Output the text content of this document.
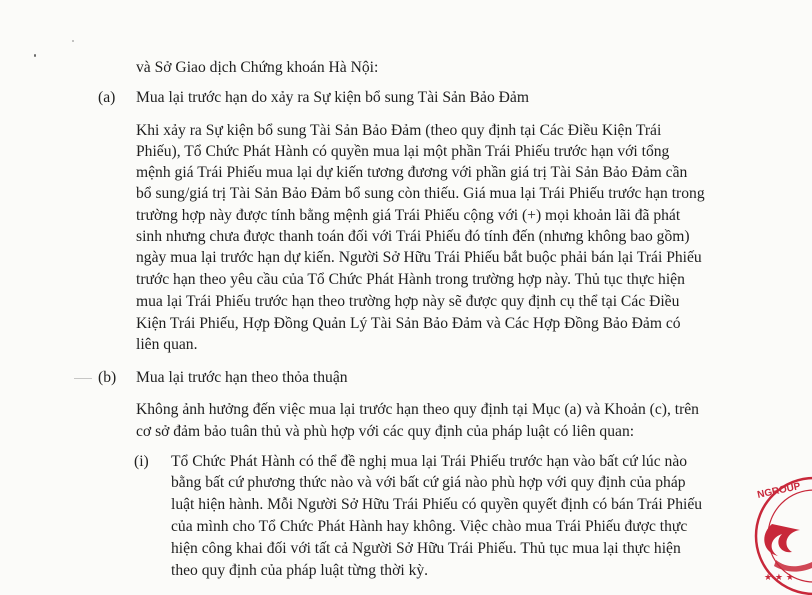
và Sở Giao dịch Chứng khoán Hà Nội:
(a) Mua lại trước hạn do xảy ra Sự kiện bổ sung Tài Sản Bảo Đảm
Khi xảy ra Sự kiện bổ sung Tài Sản Bảo Đảm (theo quy định tại Các Điều Kiện Trái
Phiếu), Tổ Chức Phát Hành có quyền mua lại một phần Trái Phiếu trước hạn với tổng
mệnh giá Trái Phiếu mua lại dự kiến tương đương với phần giá trị Tài Sản Bảo Đảm cần
bổ sung/giá trị Tài Sản Bảo Đảm bổ sung còn thiếu. Giá mua lại Trái Phiếu trước hạn trong
trường hợp này được tính bằng mệnh giá Trái Phiếu cộng với (+) mọi khoản lãi đã phát
sinh nhưng chưa được thanh toán đối với Trái Phiếu đó tính đến (nhưng không bao gồm)
ngày mua lại trước hạn dự kiến. Người Sở Hữu Trái Phiếu bắt buộc phải bán lại Trái Phiếu
trước hạn theo yêu cầu của Tổ Chức Phát Hành trong trường hợp này. Thủ tục thực hiện
mua lại Trái Phiếu trước hạn theo trường hợp này sẽ được quy định cụ thể tại Các Điều
Kiện Trái Phiếu, Hợp Đồng Quản Lý Tài Sản Bảo Đảm và Các Hợp Đồng Bảo Đảm có
liên quan.
(b) Mua lại trước hạn theo thỏa thuận
Không ảnh hưởng đến việc mua lại trước hạn theo quy định tại Mục (a) và Khoản (c), trên
cơ sở đảm bảo tuân thủ và phù hợp với các quy định của pháp luật có liên quan:
(i) Tổ Chức Phát Hành có thể đề nghị mua lại Trái Phiếu trước hạn vào bất cứ lúc nào
bằng bất cứ phương thức nào và với bất cứ giá nào phù hợp với quy định của pháp
luật hiện hành. Mỗi Người Sở Hữu Trái Phiếu có quyền quyết định có bán Trái Phiếu
của mình cho Tổ Chức Phát Hành hay không. Việc chào mua Trái Phiếu được thực
hiện công khai đối với tất cả Người Sở Hữu Trái Phiếu. Thủ tục mua lại thực hiện
theo quy định của pháp luật từng thời kỳ.
NGROUP
★ ★ ★
